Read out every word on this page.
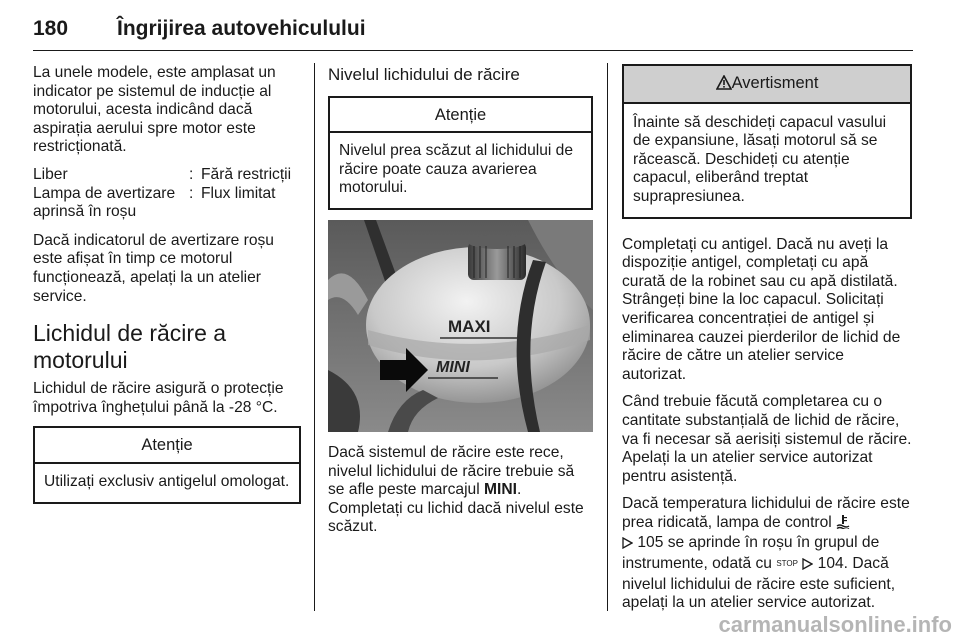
180 Îngrijirea autovehiculului

La unele modele, este amplasat un indicator pe sistemul de inducție al motorului, acesta indicând dacă aspirația aerului spre motor este restricționată.

Liber	: Fără restricții
Lampa de avertizare aprinsă în roșu
: Flux limitat

Dacă indicatorul de avertizare roșu este afișat în timp ce motorul funcționează, apelați la un atelier service.

Lichidul de răcire a motorului

Lichidul de răcire asigură o protecție împotriva înghețului până la -28 °C.

Atenție
Utilizați exclusiv antigelul omologat.
Nivelul lichidului de răcire
Atenție
Nivelul prea scăzut al lichidului de răcire poate cauza avarierea motorului.
MAXI
MINI

Dacă sistemul de răcire este rece, nivelul lichidului de răcire trebuie să se afle peste marcajul MINI.
Completați cu lichid dacă nivelul este scăzut.

Avertisment
Înainte să deschideți capacul vasului de expansiune, lăsați motorul să se răcească. Deschideți cu atenție capacul, eliberând treptat suprapresiunea.

Completați cu antigel. Dacă nu aveți la dispoziție antigel, completați cu apă curată de la robinet sau cu apă distilată. Strângeți bine la loc capacul. Solicitați verificarea concentrației de antigel și eliminarea cauzei pierderilor de lichid de răcire de către un atelier service autorizat.

Când trebuie făcută completarea cu o cantitate substanțială de lichid de răcire, va fi necesar să aerisiți sistemul de răcire. Apelați la un atelier service autorizat pentru asistență.

Dacă temperatura lichidului de răcire este prea ridicată, lampa de control
105 se aprinde în roșu în grupul de instrumente, odată cu STOP 104. Dacă nivelul lichidului de răcire este suficient, apelați la un atelier service autorizat.

carmanualsonline.info
